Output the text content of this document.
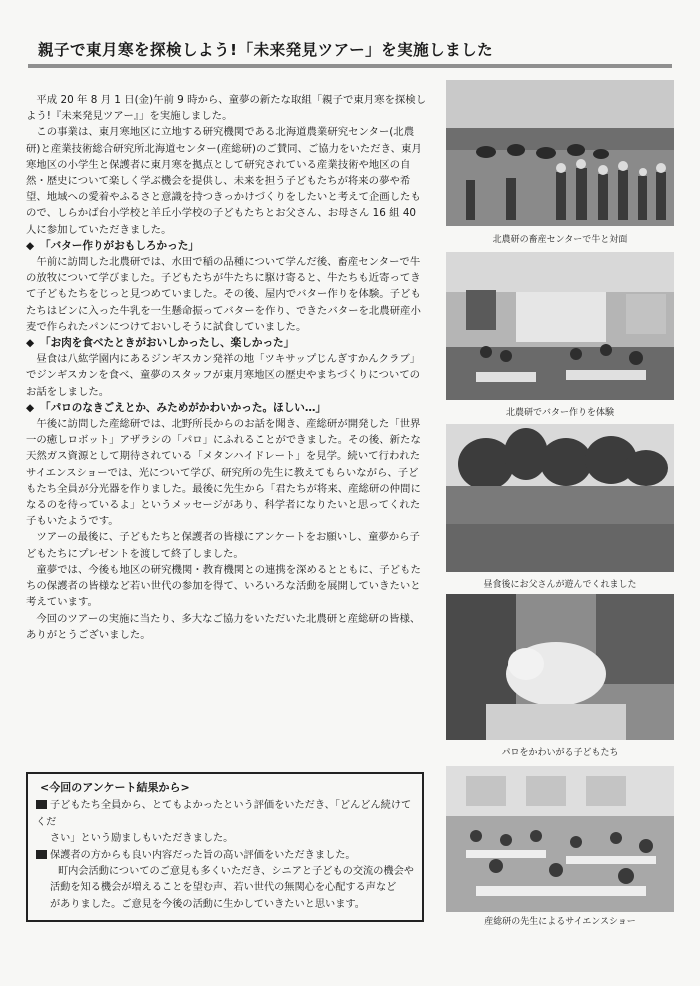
親子で東月寒を探検しよう!「未来発見ツアー」を実施しました

平成 20 年 8 月 1 日(金)午前 9 時から、童夢の新たな取組「親子で東月寒を探検しよう!『未来発見ツアー』」を実施しました。

この事業は、東月寒地区に立地する研究機関である北海道農業研究センター(北農研)と産業技術総合研究所北海道センター(産総研)のご賛同、ご協力をいただき、東月寒地区の小学生と保護者に東月寒を拠点として研究されている産業技術や地区の自然・歴史について楽しく学ぶ機会を提供し、未来を担う子どもたちが将来の夢や希望、地域への愛着やふるさと意識を持つきっかけづくりをしたいと考えて企画したもので、しらかば台小学校と羊丘小学校の子どもたちとお父さん、お母さん 16 組 40 人に参加していただきました。

◆ 「バター作りがおもしろかった」

午前に訪問した北農研では、水田で稲の品種について学んだ後、畜産センターで牛の放牧について学びました。子どもたちが牛たちに駆け寄ると、牛たちも近寄ってきて子どもたちをじっと見つめていました。その後、屋内でバター作りを体験。子どもたちはビンに入った牛乳を一生懸命振ってバターを作り、できたバターを北農研産小麦で作られたパンにつけておいしそうに試食していました。

◆ 「お肉を食べたときがおいしかったし、楽しかった」

昼食は八紘学園内にあるジンギスカン発祥の地「ツキサップじんぎすかんクラブ」でジンギスカンを食べ、童夢のスタッフが東月寒地区の歴史やまちづくりについてのお話をしました。

◆ 「パロのなきごえとか、みためがかわいかった。ほしい…」

午後に訪問した産総研では、北野所長からのお話を聞き、産総研が開発した「世界一の癒しロボット」アザラシの「パロ」にふれることができました。その後、新たな天然ガス資源として期待されている「メタンハイドレート」を見学。続いて行われたサイエンスショーでは、光について学び、研究所の先生に教えてもらいながら、子どもたち全員が分光器を作りました。最後に先生から「君たちが将来、産総研の仲間になるのを待っているよ」というメッセージがあり、科学者になりたいと思ってくれた子もいたようです。

ツアーの最後に、子どもたちと保護者の皆様にアンケートをお願いし、童夢から子どもたちにプレゼントを渡して終了しました。

童夢では、今後も地区の研究機関・教育機関との連携を深めるとともに、子どもたちの保護者の皆様など若い世代の参加を得て、いろいろな活動を展開していきたいと考えています。

今回のツアーの実施に当たり、多大なご協力をいただいた北農研と産総研の皆様、ありがとうございました。

<今回のアンケート結果から>

子どもたち全員から、とてもよかったという評価をいただき、「どんどん続けてくだ

さい」という励ましもいただきました。

保護者の方からも良い内容だった旨の高い評価をいただきました。

町内会活動についてのご意見も多くいただき、シニアと子どもの交流の機会や

活動を知る機会が増えることを望む声、若い世代の無関心を心配する声など

がありました。ご意見を今後の活動に生かしていきたいと思います。

北農研の畜産センターで牛と対面
北農研でバター作りを体験
昼食後にお父さんが遊んでくれました
パロをかわいがる子どもたち
産総研の先生によるサイエンスショー
